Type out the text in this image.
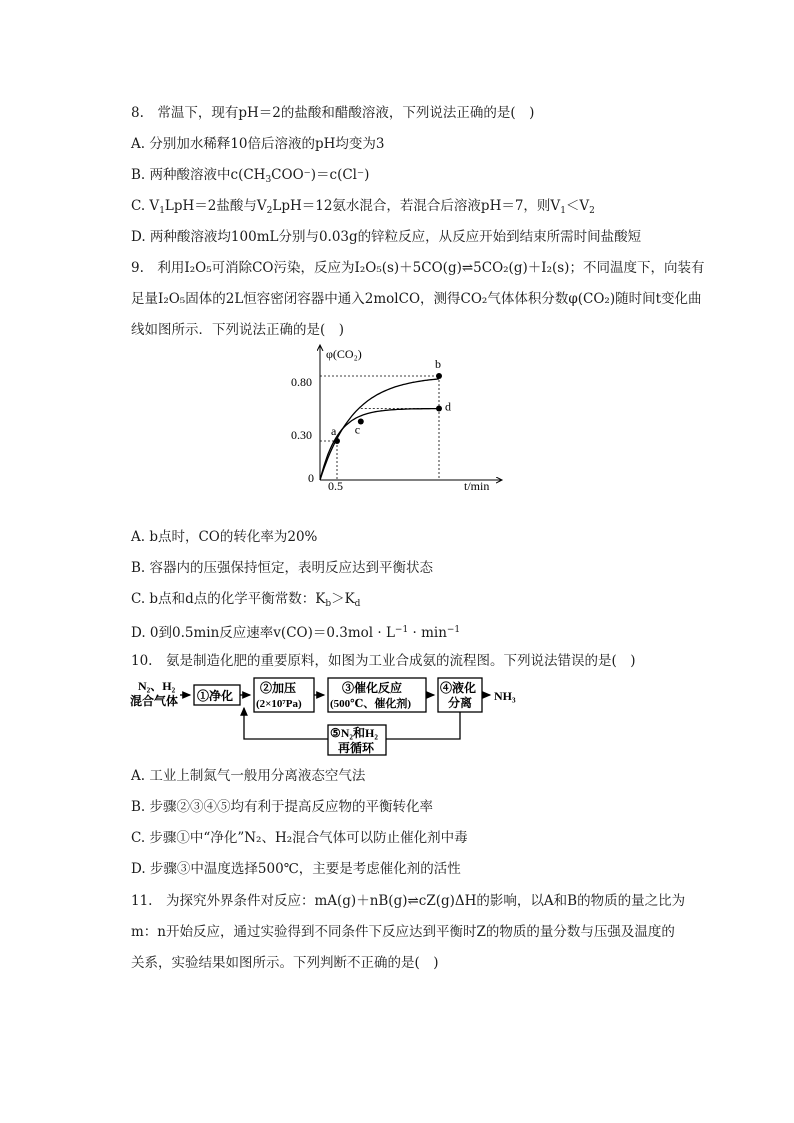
8.　常温下，现有pH＝2的盐酸和醋酸溶液，下列说法正确的是(　)
A. 分别加水稀释10倍后溶液的pH均变为3
B. 两种酸溶液中$c(CH_3COO^-)=c(Cl^-)$
C. $V_1LpH=2$盐酸与$V_2LpH=12$氨水混合，若混合后溶液pH＝7，则$V_1<V_2$
D. 两种酸溶液均100mL分别与0.03g的锌粒反应，从反应开始到结束所需时间盐酸短
9.　利用I₂O₅可消除CO污染，反应为I₂O₅(s)＋5CO(g)⇌5CO₂(g)＋I₂(s)；不同温度下，向装有
足量I₂O₅固体的2L恒容密闭容器中通入2molCO，测得CO₂气体体积分数φ(CO₂)随时间t变化曲
线如图所示．下列说法正确的是(　)
φ(CO₂)
t/min
0
0.80
0.30
0.5
a
b
c
d
A. b点时，CO的转化率为20%
B. 容器内的压强保持恒定，表明反应达到平衡状态
C. b点和d点的化学平衡常数：$K_b>K_d$
D. 0到0.5min反应速率$v(CO)=0.3mol \cdot L^{-1} \cdot \min^{-1}$
10.　氨是制造化肥的重要原料，如图为工业合成氨的流程图。下列说法错误的是(　)
N₂、H₂
混合气体 ①净化
②加压
(2×10⁷Pa)
③催化反应
(500℃、催化剂)
④液化
分离 NH₃
⑤N₂和H₂
再循环
A. 工业上制氮气一般用分离液态空气法
B. 步骤②③④⑤均有利于提高反应物的平衡转化率
C. 步骤①中“净化”N₂、H₂混合气体可以防止催化剂中毒
D. 步骤③中温度选择500℃，主要是考虑催化剂的活性
11.　为探究外界条件对反应：mA(g)＋nB(g)⇌cZ(g)ΔH的影响，以A和B的物质的量之比为
m：n开始反应，通过实验得到不同条件下反应达到平衡时Z的物质的量分数与压强及温度的
关系，实验结果如图所示。下列判断不正确的是(　)
